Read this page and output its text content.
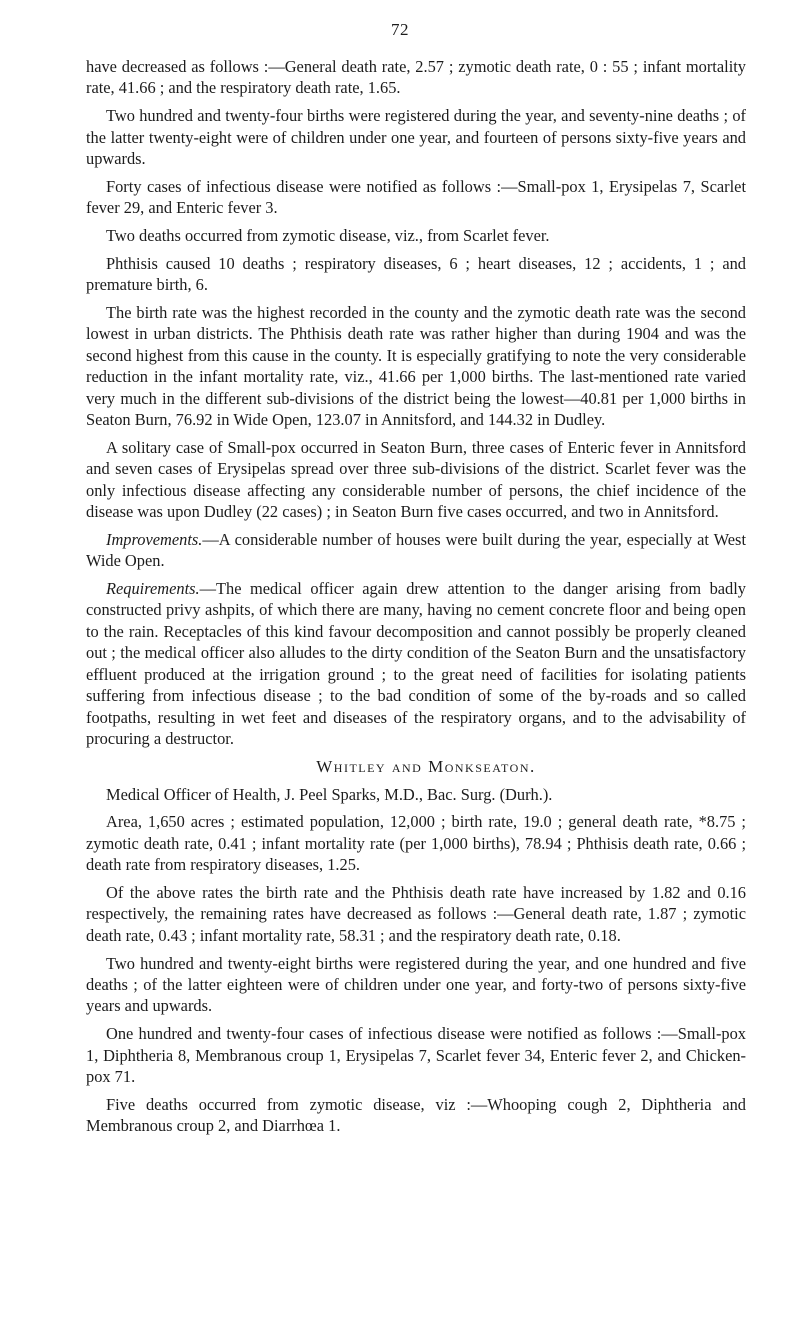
72

have decreased as follows :—General death rate, 2.57 ; zymotic death rate, 0 : 55 ; infant mortality rate, 41.66 ; and the respiratory death rate, 1.65.

Two hundred and twenty-four births were registered during the year, and seventy-nine deaths ; of the latter twenty-eight were of children under one year, and fourteen of persons sixty-five years and upwards.

Forty cases of infectious disease were notified as follows :—Small-pox 1, Erysipelas 7, Scarlet fever 29, and Enteric fever 3.

Two deaths occurred from zymotic disease, viz., from Scarlet fever.

Phthisis caused 10 deaths ; respiratory diseases, 6 ; heart diseases, 12 ; accidents, 1 ; and premature birth, 6.

The birth rate was the highest recorded in the county and the zymotic death rate was the second lowest in urban districts. The Phthisis death rate was rather higher than during 1904 and was the second highest from this cause in the county. It is especially gratifying to note the very considerable reduction in the infant mortality rate, viz., 41.66 per 1,000 births. The last-mentioned rate varied very much in the different sub-divisions of the district being the lowest—40.81 per 1,000 births in Seaton Burn, 76.92 in Wide Open, 123.07 in Annitsford, and 144.32 in Dudley.

A solitary case of Small-pox occurred in Seaton Burn, three cases of Enteric fever in Annitsford and seven cases of Erysipelas spread over three sub-divisions of the district. Scarlet fever was the only infectious disease affecting any considerable number of persons, the chief incidence of the disease was upon Dudley (22 cases) ; in Seaton Burn five cases occurred, and two in Annitsford.

Improvements.—A considerable number of houses were built during the year, especially at West Wide Open.

Requirements.—The medical officer again drew attention to the danger arising from badly constructed privy ashpits, of which there are many, having no cement concrete floor and being open to the rain. Receptacles of this kind favour decomposition and cannot possibly be properly cleaned out ; the medical officer also alludes to the dirty condition of the Seaton Burn and the unsatisfactory effluent produced at the irrigation ground ; to the great need of facilities for isolating patients suffering from infectious disease ; to the bad condition of some of the by-roads and so called footpaths, resulting in wet feet and diseases of the respiratory organs, and to the advisability of procuring a destructor.

Whitley and Monkseaton.

Medical Officer of Health, J. Peel Sparks, M.D., Bac. Surg. (Durh.).

Area, 1,650 acres ; estimated population, 12,000 ; birth rate, 19.0 ; general death rate, *8.75 ; zymotic death rate, 0.41 ; infant mortality rate (per 1,000 births), 78.94 ; Phthisis death rate, 0.66 ; death rate from respiratory diseases, 1.25.

Of the above rates the birth rate and the Phthisis death rate have increased by 1.82 and 0.16 respectively, the remaining rates have decreased as follows :—General death rate, 1.87 ; zymotic death rate, 0.43 ; infant mortality rate, 58.31 ; and the respiratory death rate, 0.18.

Two hundred and twenty-eight births were registered during the year, and one hundred and five deaths ; of the latter eighteen were of children under one year, and forty-two of persons sixty-five years and upwards.

One hundred and twenty-four cases of infectious disease were notified as follows :—Small-pox 1, Diphtheria 8, Membranous croup 1, Erysipelas 7, Scarlet fever 34, Enteric fever 2, and Chicken-pox 71.

Five deaths occurred from zymotic disease, viz :—Whooping cough 2, Diphtheria and Membranous croup 2, and Diarrhœa 1.
